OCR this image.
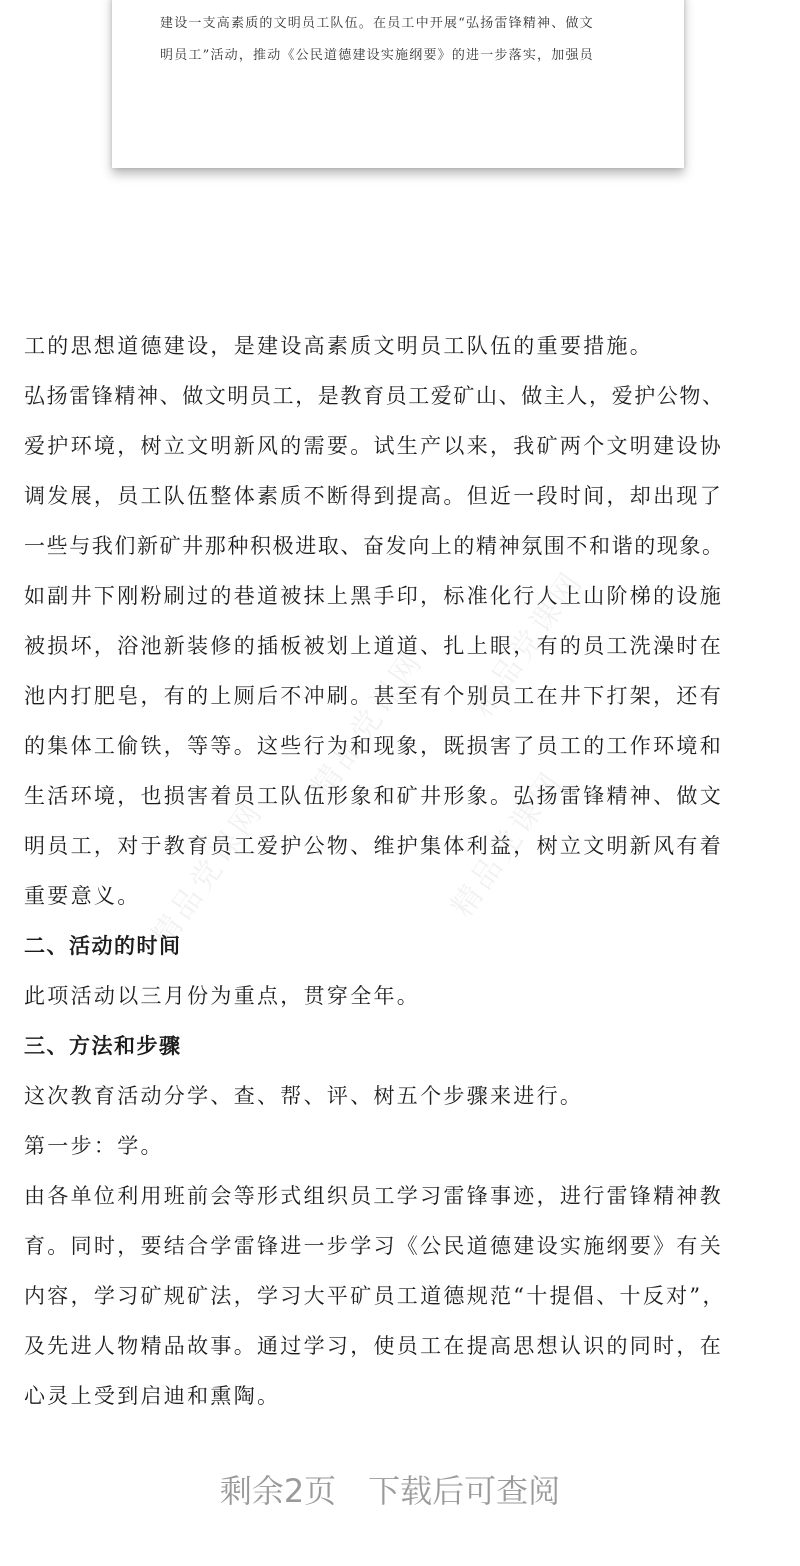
建设一支高素质的文明员工队伍。在员工中开展“弘扬雷锋精神、做文
明员工”活动，推动《公民道德建设实施纲要》的进一步落实，加强员
精品党课网
精品党课网
精品党课网
精品党课网
工的思想道德建设，是建设高素质文明员工队伍的重要措施。
弘扬雷锋精神、做文明员工，是教育员工爱矿山、做主人，爱护公物、
爱护环境，树立文明新风的需要。试生产以来，我矿两个文明建设协
调发展，员工队伍整体素质不断得到提高。但近一段时间，却出现了
一些与我们新矿井那种积极进取、奋发向上的精神氛围不和谐的现象。
如副井下刚粉刷过的巷道被抹上黑手印，标准化行人上山阶梯的设施
被损坏，浴池新装修的插板被划上道道、扎上眼，有的员工洗澡时在
池内打肥皂，有的上厕后不冲刷。甚至有个别员工在井下打架，还有
的集体工偷铁，等等。这些行为和现象，既损害了员工的工作环境和
生活环境，也损害着员工队伍形象和矿井形象。弘扬雷锋精神、做文
明员工，对于教育员工爱护公物、维护集体利益，树立文明新风有着
重要意义。
二、活动的时间
此项活动以三月份为重点，贯穿全年。
三、方法和步骤
这次教育活动分学、查、帮、评、树五个步骤来进行。
第一步：学。
由各单位利用班前会等形式组织员工学习雷锋事迹，进行雷锋精神教
育。同时，要结合学雷锋进一步学习《公民道德建设实施纲要》有关
内容，学习矿规矿法，学习大平矿员工道德规范“十提倡、十反对”，
及先进人物精品故事。通过学习，使员工在提高思想认识的同时，在
心灵上受到启迪和熏陶。
剩余2页　下载后可查阅
